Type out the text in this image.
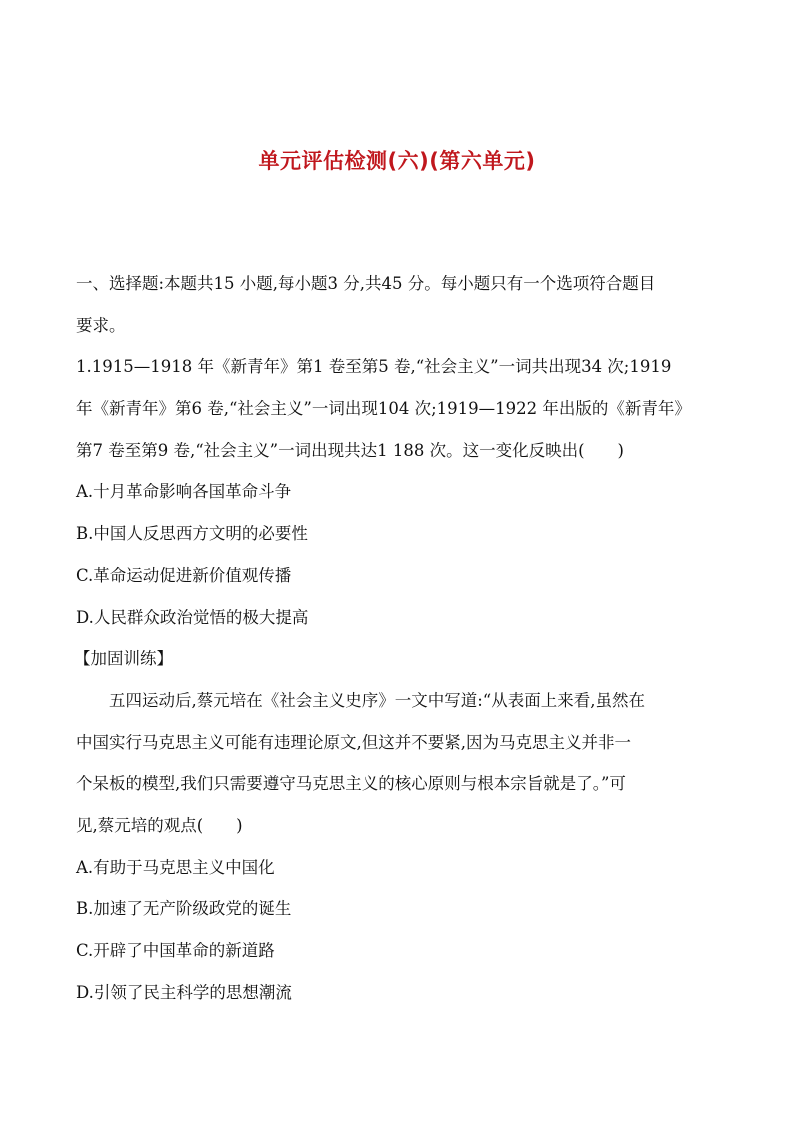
单元评估检测(六)(第六单元)
一、选择题:本题共15 小题,每小题3 分,共45 分。每小题只有一个选项符合题目
要求。
1.1915—1918 年《新青年》第1 卷至第5 卷,“社会主义”一词共出现34 次;1919
年《新青年》第6 卷,“社会主义”一词出现104 次;1919—1922 年出版的《新青年》
第7 卷至第9 卷,“社会主义”一词出现共达1 188 次。这一变化反映出(　　)
A.十月革命影响各国革命斗争
B.中国人反思西方文明的必要性
C.革命运动促进新价值观传播
D.人民群众政治觉悟的极大提高
【加固训练】
五四运动后,蔡元培在《社会主义史序》一文中写道:“从表面上来看,虽然在
中国实行马克思主义可能有违理论原文,但这并不要紧,因为马克思主义并非一
个呆板的模型,我们只需要遵守马克思主义的核心原则与根本宗旨就是了。”可
见,蔡元培的观点(　　)
A.有助于马克思主义中国化
B.加速了无产阶级政党的诞生
C.开辟了中国革命的新道路
D.引领了民主科学的思想潮流
